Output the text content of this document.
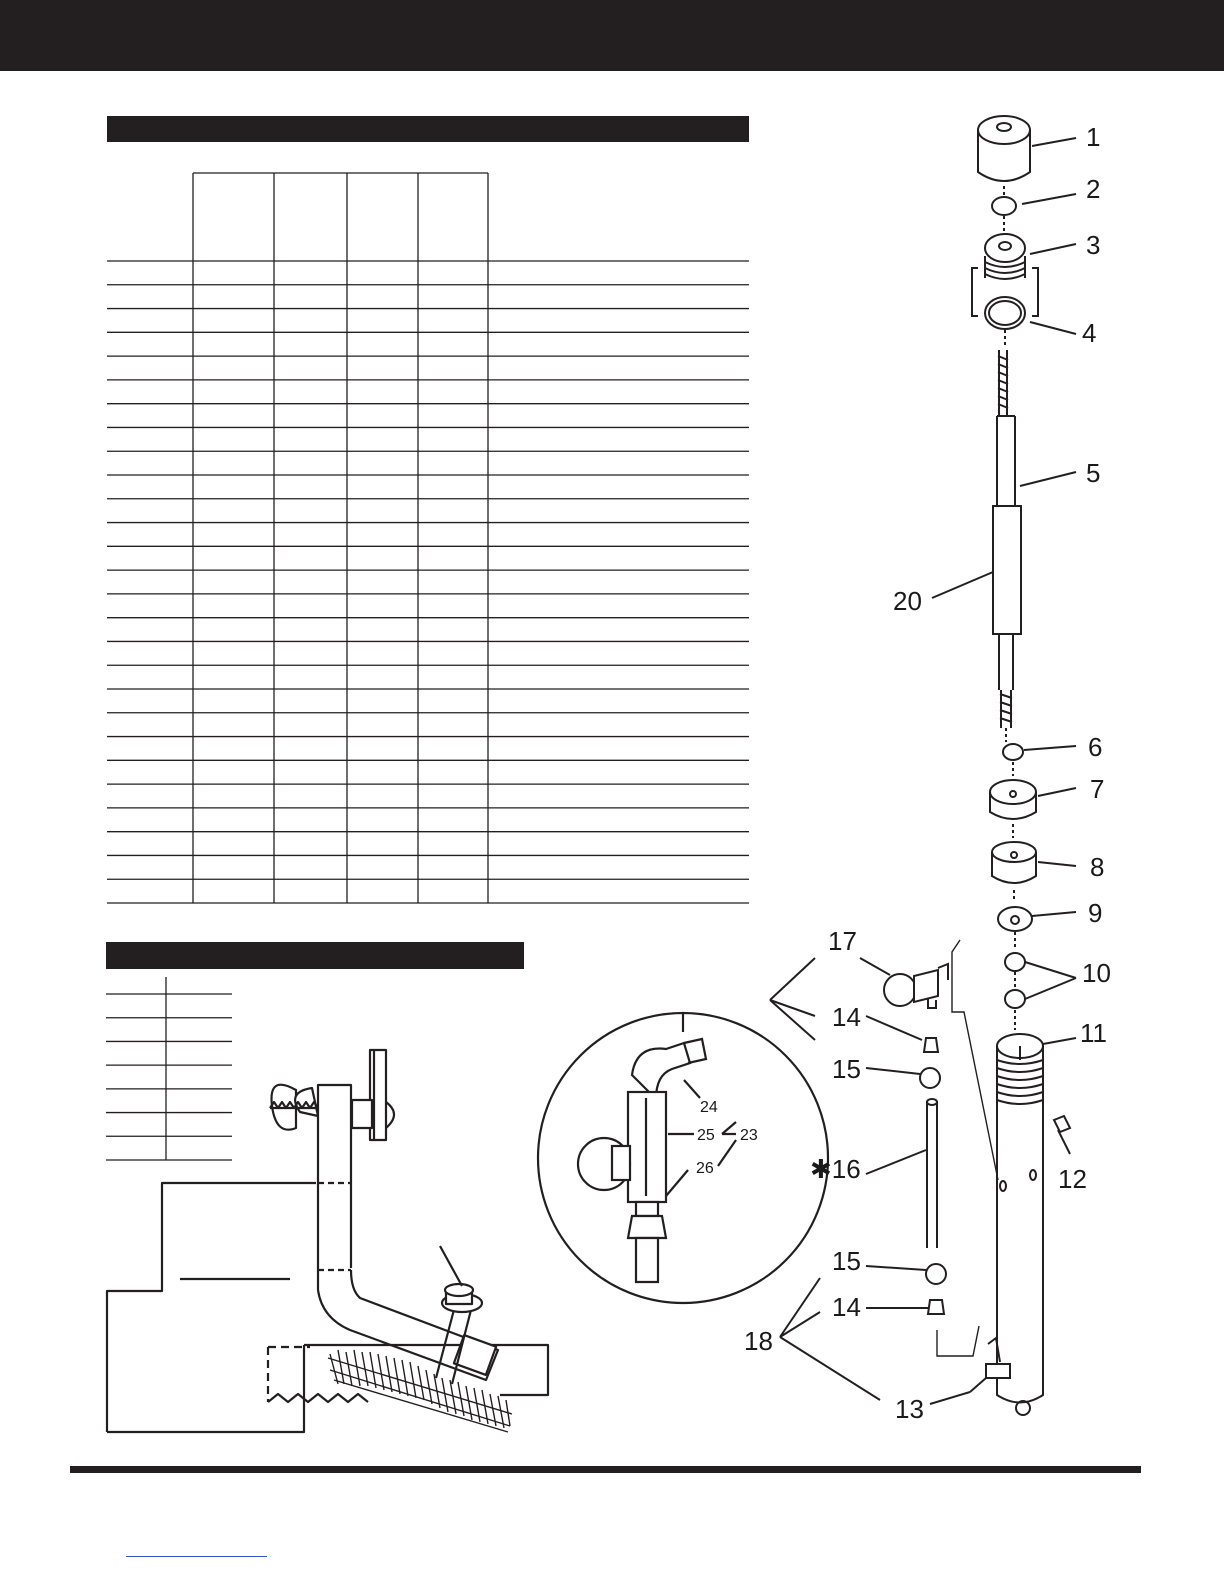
1
2
3
4
5
20
6
7
8
9
10
11
12
13
17
14
15
✱16
15
14
18
24
25 23
26
